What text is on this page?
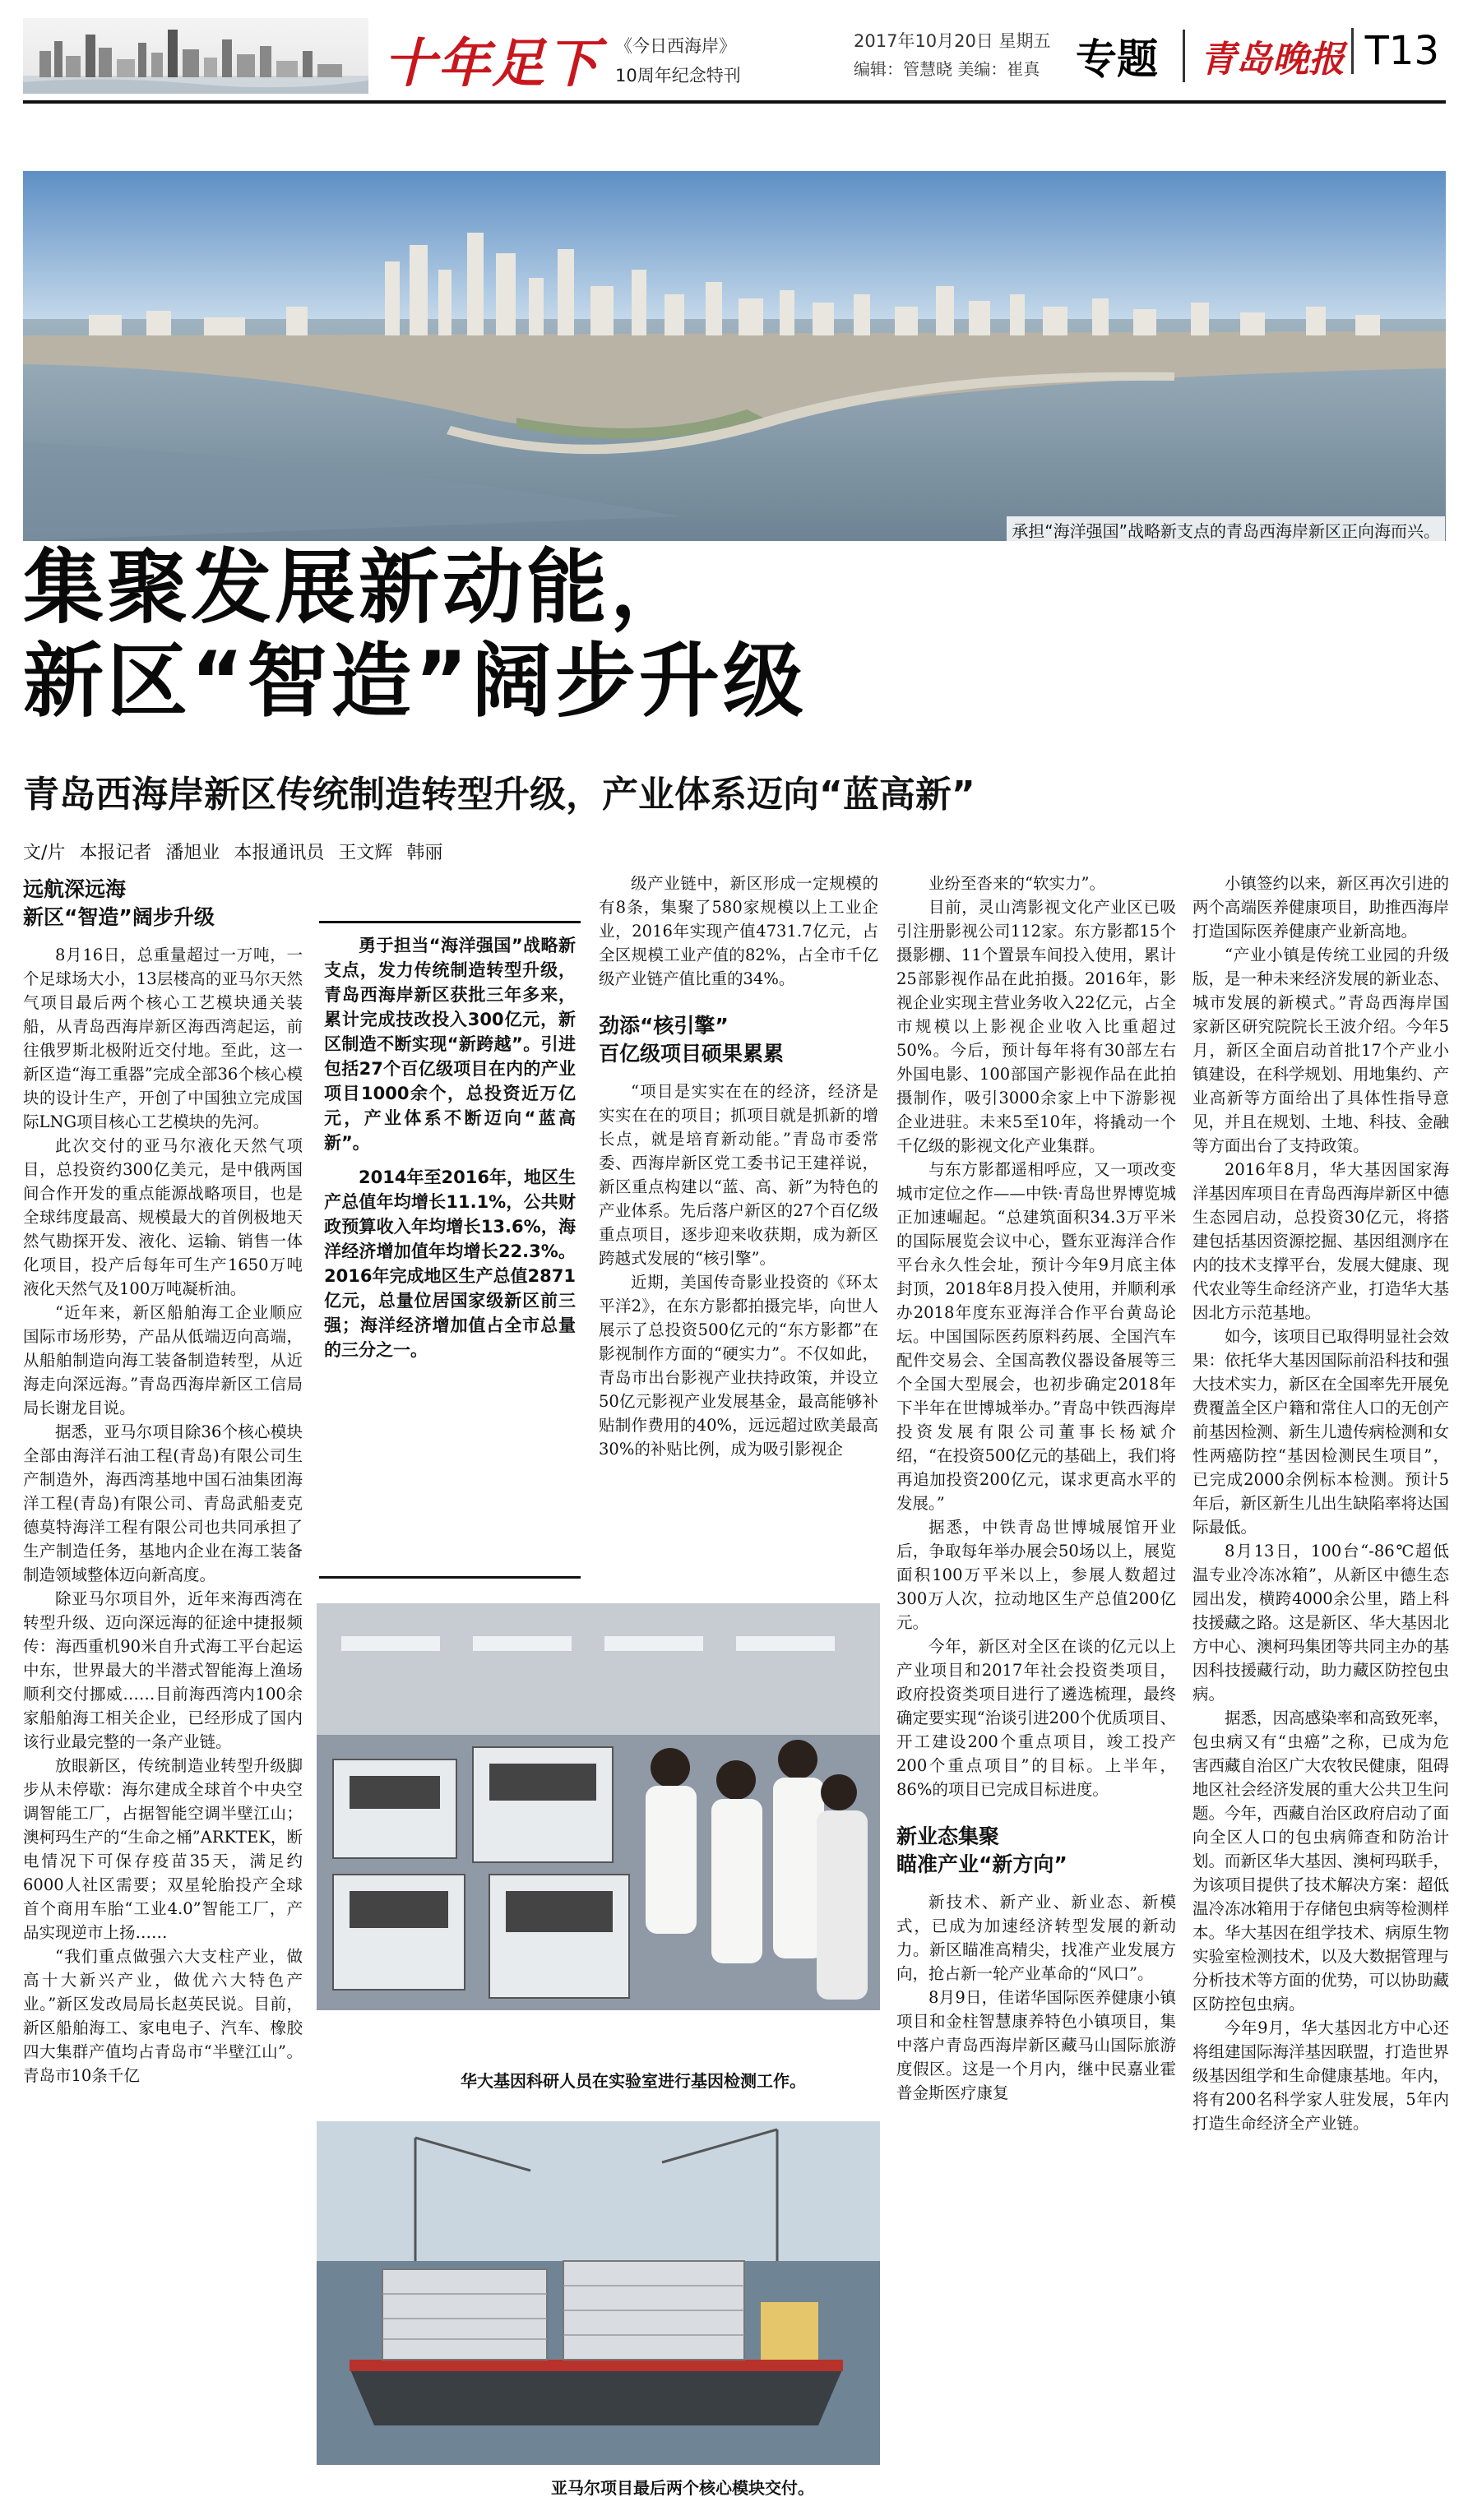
十年足下 《今日西海岸》
10周年纪念特刊
2017年10月20日 星期五
编辑：管慧晓 美编：崔真 专题	青岛晚报 T13
承担“海洋强国”战略新支点的青岛西海岸新区正向海而兴。
集聚发展新动能，
新区“智造”阔步升级
青岛西海岸新区传统制造转型升级，产业体系迈向“蓝高新”
文/片 本报记者 潘旭业 本报通讯员 王文辉 韩丽
远航深远海
新区“智造”阔步升级

8月16日，总重量超过一万吨，一个足球场大小，13层楼高的亚马尔天然气项目最后两个核心工艺模块通关装船，从青岛西海岸新区海西湾起运，前往俄罗斯北极附近交付地。至此，这一新区造“海工重器”完成全部36个核心模块的设计生产，开创了中国独立完成国际LNG项目核心工艺模块的先河。

此次交付的亚马尔液化天然气项目，总投资约300亿美元，是中俄两国间合作开发的重点能源战略项目，也是全球纬度最高、规模最大的首例极地天然气勘探开发、液化、运输、销售一体化项目，投产后每年可生产1650万吨液化天然气及100万吨凝析油。

“近年来，新区船舶海工企业顺应国际市场形势，产品从低端迈向高端，从船舶制造向海工装备制造转型，从近海走向深远海。”青岛西海岸新区工信局局长谢龙目说。

据悉，亚马尔项目除36个核心模块全部由海洋石油工程(青岛)有限公司生产制造外，海西湾基地中国石油集团海洋工程(青岛)有限公司、青岛武船麦克德莫特海洋工程有限公司也共同承担了生产制造任务，基地内企业在海工装备制造领域整体迈向新高度。

除亚马尔项目外，近年来海西湾在转型升级、迈向深远海的征途中捷报频传：海西重机90米自升式海工平台起运中东，世界最大的半潜式智能海上渔场顺利交付挪威……目前海西湾内100余家船舶海工相关企业，已经形成了国内该行业最完整的一条产业链。

放眼新区，传统制造业转型升级脚步从未停歇：海尔建成全球首个中央空调智能工厂，占据智能空调半壁江山；澳柯玛生产的“生命之桶”ARKTEK，断电情况下可保存疫苗35天，满足约6000人社区需要；双星轮胎投产全球首个商用车胎“工业4.0”智能工厂，产品实现逆市上扬……

“我们重点做强六大支柱产业，做高十大新兴产业，做优六大特色产业。”新区发改局局长赵英民说。目前，新区船舶海工、家电电子、汽车、橡胶四大集群产值均占青岛市“半壁江山”。青岛市10条千亿

勇于担当“海洋强国”战略新支点，发力传统制造转型升级，青岛西海岸新区获批三年多来，累计完成技改投入300亿元，新区制造不断实现“新跨越”。引进包括27个百亿级项目在内的产业项目1000余个，总投资近万亿元，产业体系不断迈向“蓝高新”。

2014年至2016年，地区生产总值年均增长11.1%，公共财政预算收入年均增长13.6%，海洋经济增加值年均增长22.3%。2016年完成地区生产总值2871亿元，总量位居国家级新区前三强；海洋经济增加值占全市总量的三分之一。

级产业链中，新区形成一定规模的有8条，集聚了580家规模以上工业企业，2016年实现产值4731.7亿元，占全区规模工业产值的82%，占全市千亿级产业链产值比重的34%。

劲添“核引擎”
百亿级项目硕果累累

“项目是实实在在的经济，经济是实实在在的项目；抓项目就是抓新的增长点，就是培育新动能。”青岛市委常委、西海岸新区党工委书记王建祥说，新区重点构建以“蓝、高、新”为特色的产业体系。先后落户新区的27个百亿级重点项目，逐步迎来收获期，成为新区跨越式发展的“核引擎”。

近期，美国传奇影业投资的《环太平洋2》，在东方影都拍摄完毕，向世人展示了总投资500亿元的“东方影都”在影视制作方面的“硬实力”。不仅如此，青岛市出台影视产业扶持政策，并设立50亿元影视产业发展基金，最高能够补贴制作费用的40%，远远超过欧美最高30%的补贴比例，成为吸引影视企

业纷至沓来的“软实力”。

目前，灵山湾影视文化产业区已吸引注册影视公司112家。东方影都15个摄影棚、11个置景车间投入使用，累计25部影视作品在此拍摄。2016年，影视企业实现主营业务收入22亿元，占全市规模以上影视企业收入比重超过50%。今后，预计每年将有30部左右外国电影、100部国产影视作品在此拍摄制作，吸引3000余家上中下游影视企业进驻。未来5至10年，将撬动一个千亿级的影视文化产业集群。

与东方影都遥相呼应，又一项改变城市定位之作——中铁·青岛世界博览城正加速崛起。“总建筑面积34.3万平米的国际展览会议中心，暨东亚海洋合作平台永久性会址，预计今年9月底主体封顶，2018年8月投入使用，并顺利承办2018年度东亚海洋合作平台黄岛论坛。中国国际医药原料药展、全国汽车配件交易会、全国高教仪器设备展等三个全国大型展会，也初步确定2018年下半年在世博城举办。”青岛中铁西海岸投资发展有限公司董事长杨斌介绍，“在投资500亿元的基础上，我们将再追加投资200亿元，谋求更高水平的发展。”

据悉，中铁青岛世博城展馆开业后，争取每年举办展会50场以上，展览面积100万平米以上，参展人数超过300万人次，拉动地区生产总值200亿元。

今年，新区对全区在谈的亿元以上产业项目和2017年社会投资类项目，政府投资类项目进行了遴选梳理，最终确定要实现“治谈引进200个优质项目、开工建设200个重点项目，竣工投产200个重点项目”的目标。上半年，86%的项目已完成目标进度。

新业态集聚
瞄准产业“新方向”

新技术、新产业、新业态、新模式，已成为加速经济转型发展的新动力。新区瞄准高精尖，找准产业发展方向，抢占新一轮产业革命的“风口”。

8月9日，佳诺华国际医养健康小镇项目和金柱智慧康养特色小镇项目，集中落户青岛西海岸新区藏马山国际旅游度假区。这是一个月内，继中民嘉业霍普金斯医疗康复

小镇签约以来，新区再次引进的两个高端医养健康项目，助推西海岸打造国际医养健康产业新高地。

“产业小镇是传统工业园的升级版，是一种未来经济发展的新业态、城市发展的新模式。”青岛西海岸国家新区研究院院长王波介绍。今年5月，新区全面启动首批17个产业小镇建设，在科学规划、用地集约、产业高新等方面给出了具体性指导意见，并且在规划、土地、科技、金融等方面出台了支持政策。

2016年8月，华大基因国家海洋基因库项目在青岛西海岸新区中德生态园启动，总投资30亿元，将搭建包括基因资源挖掘、基因组测序在内的技术支撑平台，发展大健康、现代农业等生命经济产业，打造华大基因北方示范基地。

如今，该项目已取得明显社会效果：依托华大基因国际前沿科技和强大技术实力，新区在全国率先开展免费覆盖全区户籍和常住人口的无创产前基因检测、新生儿遗传病检测和女性两癌防控“基因检测民生项目”，已完成2000余例标本检测。预计5年后，新区新生儿出生缺陷率将达国际最低。

8月13日，100台“-86℃超低温专业冷冻冰箱”，从新区中德生态园出发，横跨4000余公里，踏上科技援藏之路。这是新区、华大基因北方中心、澳柯玛集团等共同主办的基因科技援藏行动，助力藏区防控包虫病。

据悉，因高感染率和高致死率，包虫病又有“虫癌”之称，已成为危害西藏自治区广大农牧民健康，阻碍地区社会经济发展的重大公共卫生问题。今年，西藏自治区政府启动了面向全区人口的包虫病筛查和防治计划。而新区华大基因、澳柯玛联手，为该项目提供了技术解决方案：超低温冷冻冰箱用于存储包虫病等检测样本。华大基因在组学技术、病原生物实验室检测技术，以及大数据管理与分析技术等方面的优势，可以协助藏区防控包虫病。

今年9月，华大基因北方中心还将组建国际海洋基因联盟，打造世界级基因组学和生命健康基地。年内，将有200名科学家人驻发展，5年内打造生命经济全产业链。

华大基因科研人员在实验室进行基因检测工作。
亚马尔项目最后两个核心模块交付。
